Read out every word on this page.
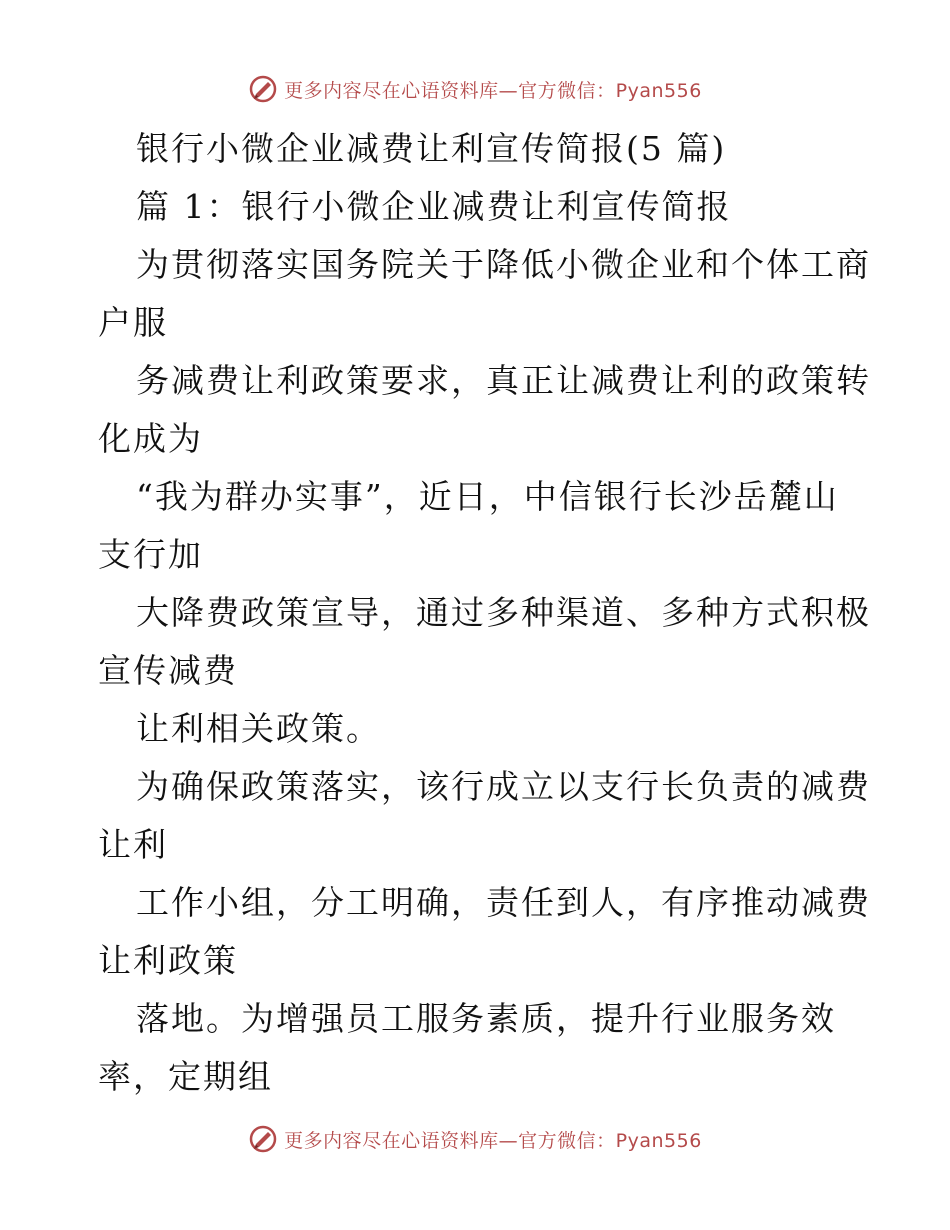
更多内容尽在心语资料库—官方微信：Pyan556
银行小微企业减费让利宣传简报(5 篇)
篇 1：银行小微企业减费让利宣传简报
为贯彻落实国务院关于降低小微企业和个体工商
户服
务减费让利政策要求，真正让减费让利的政策转
化成为
“我为群办实事”，近日，中信银行长沙岳麓山
支行加
大降费政策宣导，通过多种渠道、多种方式积极
宣传减费
让利相关政策。
为确保政策落实，该行成立以支行长负责的减费
让利
工作小组，分工明确，责任到人，有序推动减费
让利政策
落地。为增强员工服务素质，提升行业服务效
率，定期组
更多内容尽在心语资料库—官方微信：Pyan556
